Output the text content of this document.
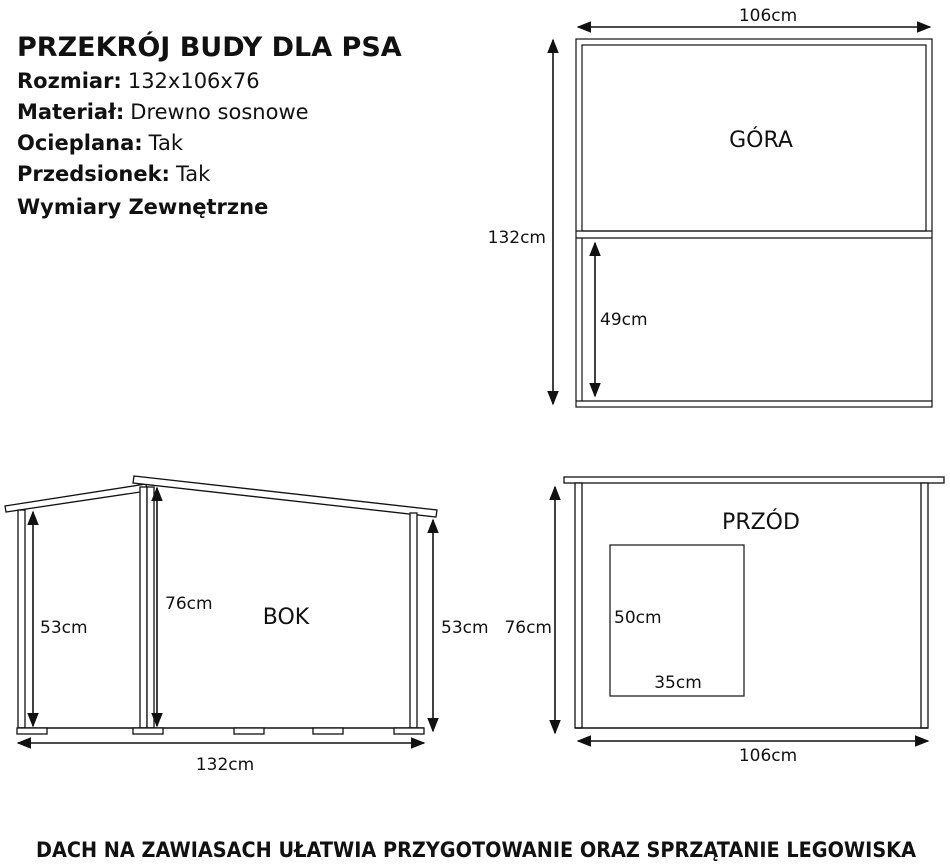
PRZEKRÓJ BUDY DLA PSA
Rozmiar: 132x106x76
Materiał: Drewno sosnowe
Ocieplana: Tak
Przedsionek: Tak
Wymiary Zewnętrzne
106cm
132cm
GÓRA
49cm
53cm
76cm
53cm
BOK
132cm
PRZÓD
50cm
35cm
76cm
106cm
DACH NA ZAWIASACH UŁATWIA PRZYGOTOWANIE ORAZ SPRZĄTANIE LEGOWISKA
